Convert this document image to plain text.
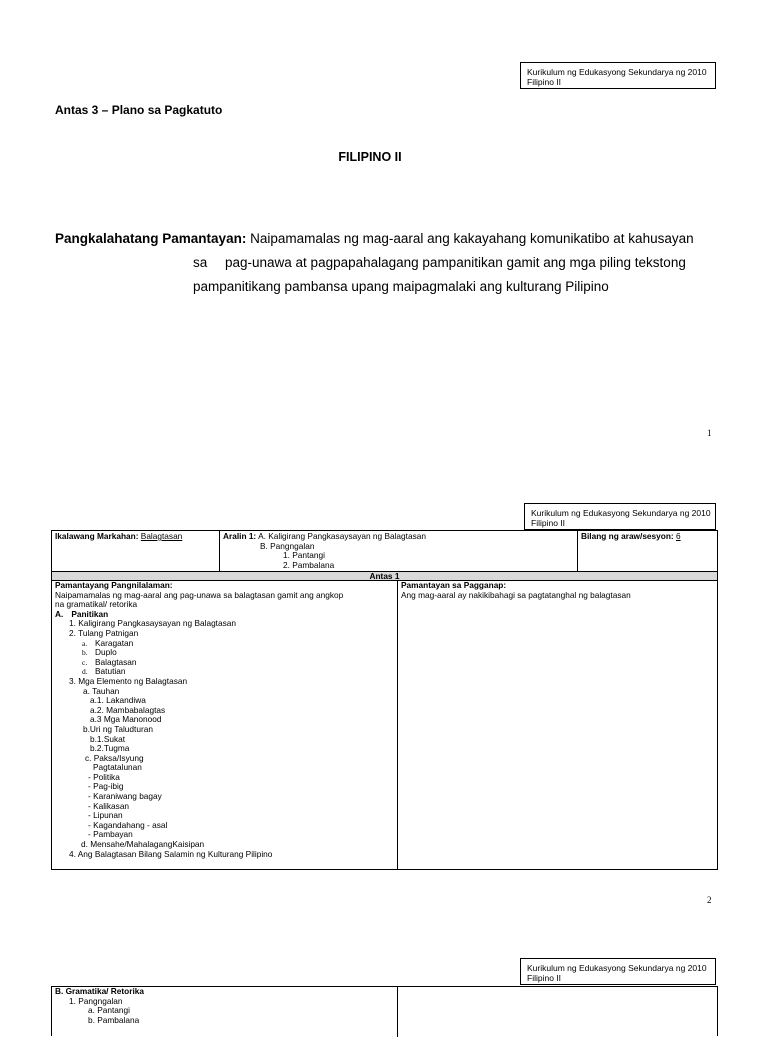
Kurikulum ng Edukasyong Sekundarya ng 2010
Filipino II
Antas 3 – Plano sa Pagkatuto
FILIPINO II
Pangkalahatang Pamantayan: Naipamamalas ng mag-aaral ang kakayahang komunikatibo at kahusayan
sa pag-unawa at pagpapahalagang pampanitikan gamit ang mga piling tekstong
pampanitikang pambansa upang maipagmalaki ang kulturang Pilipino
1
Kurikulum ng Edukasyong Sekundarya ng 2010
Filipino II
Ikalawang Markahan: Balagtasan	Aralin 1: A. Kaligirang Pangkasaysayan ng Balagtasan
B. Pangngalan
1. Pantangi
2. Pambalana
Bilang ng araw/sesyon: 6
Antas 1
Pamantayang Pangnilalaman:
Naipamamalas ng mag-aaral ang pag-unawa sa balagtasan gamit ang angkop
na gramatikal/ retorika
A. Panitikan
1. Kaligirang Pangkasaysayan ng Balagtasan
2. Tulang Patnigan
a. Karagatan
b. Duplo
c. Balagtasan
d. Batutian
3. Mga Elemento ng Balagtasan
a. Tauhan
a.1. Lakandiwa
a.2. Mambabalagtas
a.3 Mga Manonood
b.Uri ng Taludturan
b.1.Sukat
b.2.Tugma
c. Paksa/Isyung
Pagtatalunan
- Politika
- Pag-ibig
- Karaniwang bagay
- Kalikasan
- Lipunan
- Kagandahang - asal
- Pambayan
d. Mensahe/MahalagangKaisipan
4. Ang Balagtasan Bilang Salamin ng Kulturang Pilipino
Pamantayan sa Pagganap:
Ang mag-aaral ay nakikibahagi sa pagtatanghal ng balagtasan
2
Kurikulum ng Edukasyong Sekundarya ng 2010
Filipino II
B. Gramatika/ Retorika
1. Pangngalan
a. Pantangi
b. Pambalana
